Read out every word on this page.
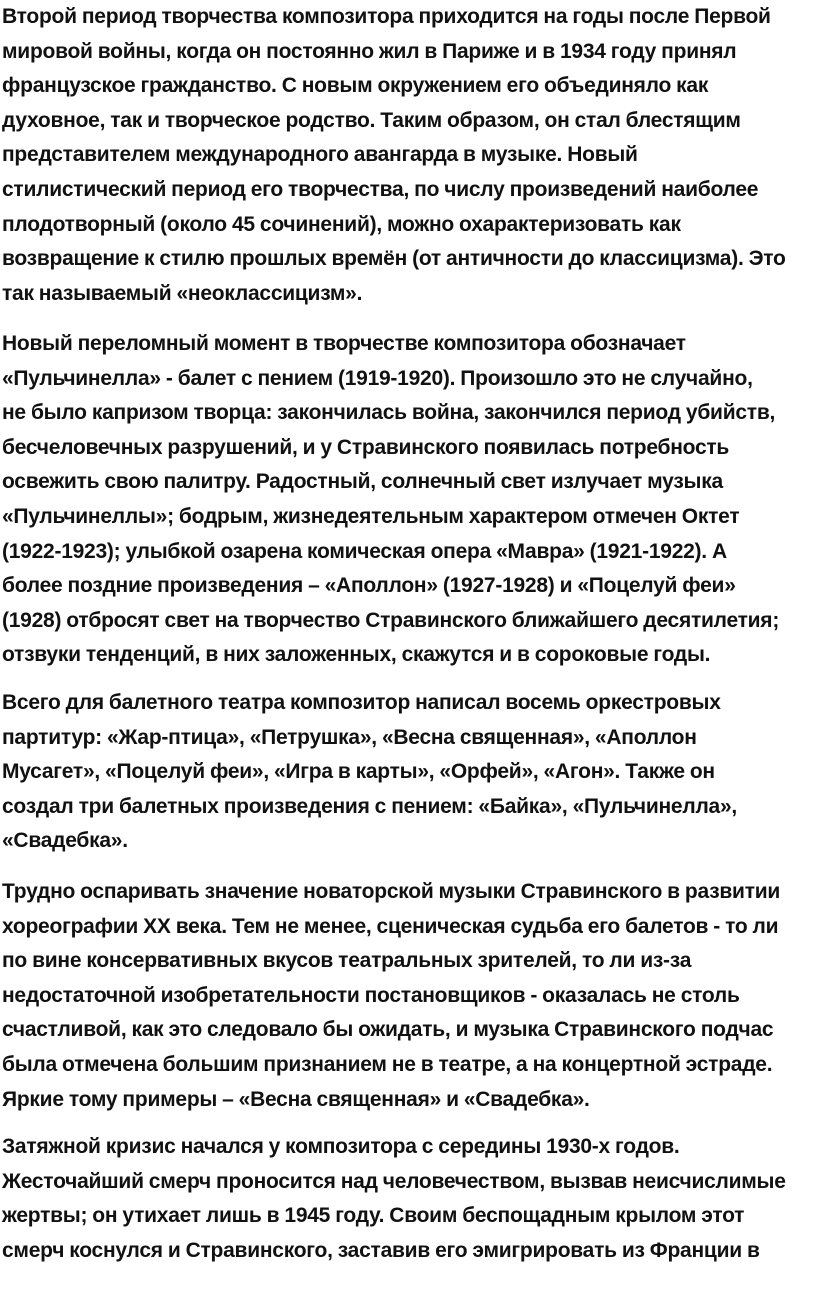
Второй период творчества композитора приходится на годы после Первой
мировой войны, когда он постоянно жил в Париже и в 1934 году принял
французское гражданство. С новым окружением его объединяло как
духовное, так и творческое родство. Таким образом, он стал блестящим
представителем международного авангарда в музыке. Новый
стилистический период его творчества, по числу произведений наиболее
плодотворный (около 45 сочинений), можно охарактеризовать как
возвращение к стилю прошлых времён (от античности до классицизма). Это
так называемый «неоклассицизм».

Новый переломный момент в творчестве композитора обозначает
«Пульчинелла» - балет с пением (1919-1920). Произошло это не случайно,
не было капризом творца: закончилась война, закончился период убийств,
бесчеловечных разрушений, и у Стравинского появилась потребность
освежить свою палитру. Радостный, солнечный свет излучает музыка
«Пульчинеллы»; бодрым, жизнедеятельным характером отмечен Октет
(1922-1923); улыбкой озарена комическая опера «Мавра» (1921-1922). А
более поздние произведения – «Аполлон» (1927-1928) и «Поцелуй феи»
(1928) отбросят свет на творчество Стравинского ближайшего десятилетия;
отзвуки тенденций, в них заложенных, скажутся и в сороковые годы.

Всего для балетного театра композитор написал восемь оркестровых
партитур: «Жар-птица», «Петрушка», «Весна священная», «Аполлон
Мусагет», «Поцелуй феи», «Игра в карты», «Орфей», «Агон». Также он
создал три балетных произведения с пением: «Байка», «Пульчинелла»,
«Свадебка».

Трудно оспаривать значение новаторской музыки Стравинского в развитии
хореографии XX века. Тем не менее, сценическая судьба его балетов - то ли
по вине консервативных вкусов театральных зрителей, то ли из-за
недостаточной изобретательности постановщиков - оказалась не столь
счастливой, как это следовало бы ожидать, и музыка Стравинского подчас
была отмечена большим признанием не в театре, а на концертной эстраде.
Яркие тому примеры – «Весна священная» и «Свадебка».

Затяжной кризис начался у композитора с середины 1930-х годов.
Жесточайший смерч проносится над человечеством, вызвав неисчислимые
жертвы; он утихает лишь в 1945 году. Своим беспощадным крылом этот
смерч коснулся и Стравинского, заставив его эмигрировать из Франции в
